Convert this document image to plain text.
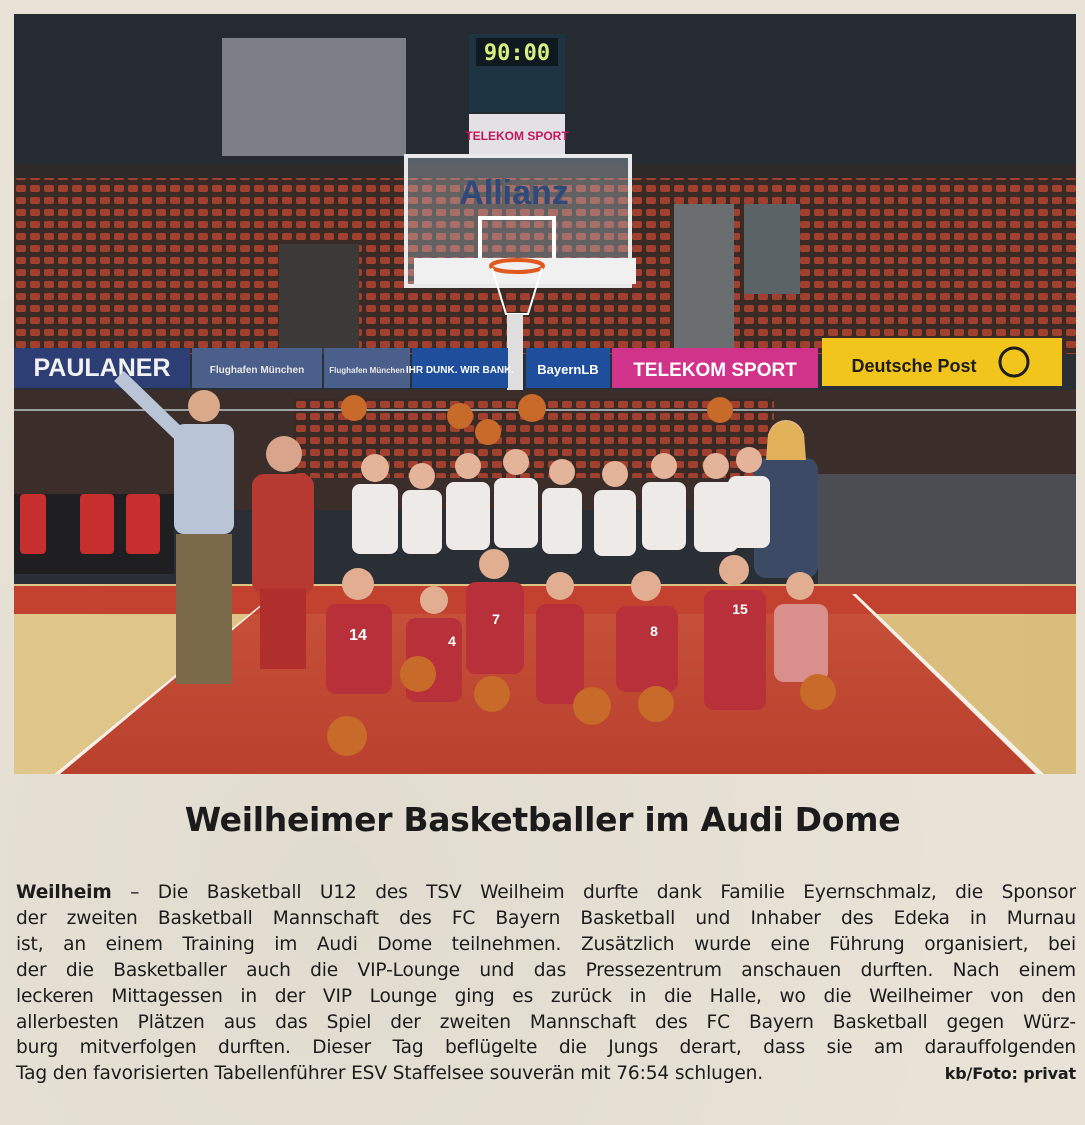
90:00
TELEKOM SPORT
Allianz
PAULANER	Flughafen München	Flughafen München IHR DUNK. WIR BANK. BayernLB TELEKOM SPORT	Deutsche Post
14	4
7
8
15
Weilheimer Basketballer im Audi Dome
Weilheim – Die Basketball U12 des TSV Weilheim durfte dank Familie Eyernschmalz, die Sponsor
der zweiten Basketball Mannschaft des FC Bayern Basketball und Inhaber des Edeka in Murnau
ist, an einem Training im Audi Dome teilnehmen. Zusätzlich wurde eine Führung organisiert, bei
der die Basketballer auch die VIP-Lounge und das Pressezentrum anschauen durften. Nach einem
leckeren Mittagessen in der VIP Lounge ging es zurück in die Halle, wo die Weilheimer von den
allerbesten Plätzen aus das Spiel der zweiten Mannschaft des FC Bayern Basketball gegen Würz-
burg mitverfolgen durften. Dieser Tag beflügelte die Jungs derart, dass sie am darauffolgenden
Tag den favorisierten Tabellenführer ESV Staffelsee souverän mit 76:54 schlugen.	kb/Foto: privat
